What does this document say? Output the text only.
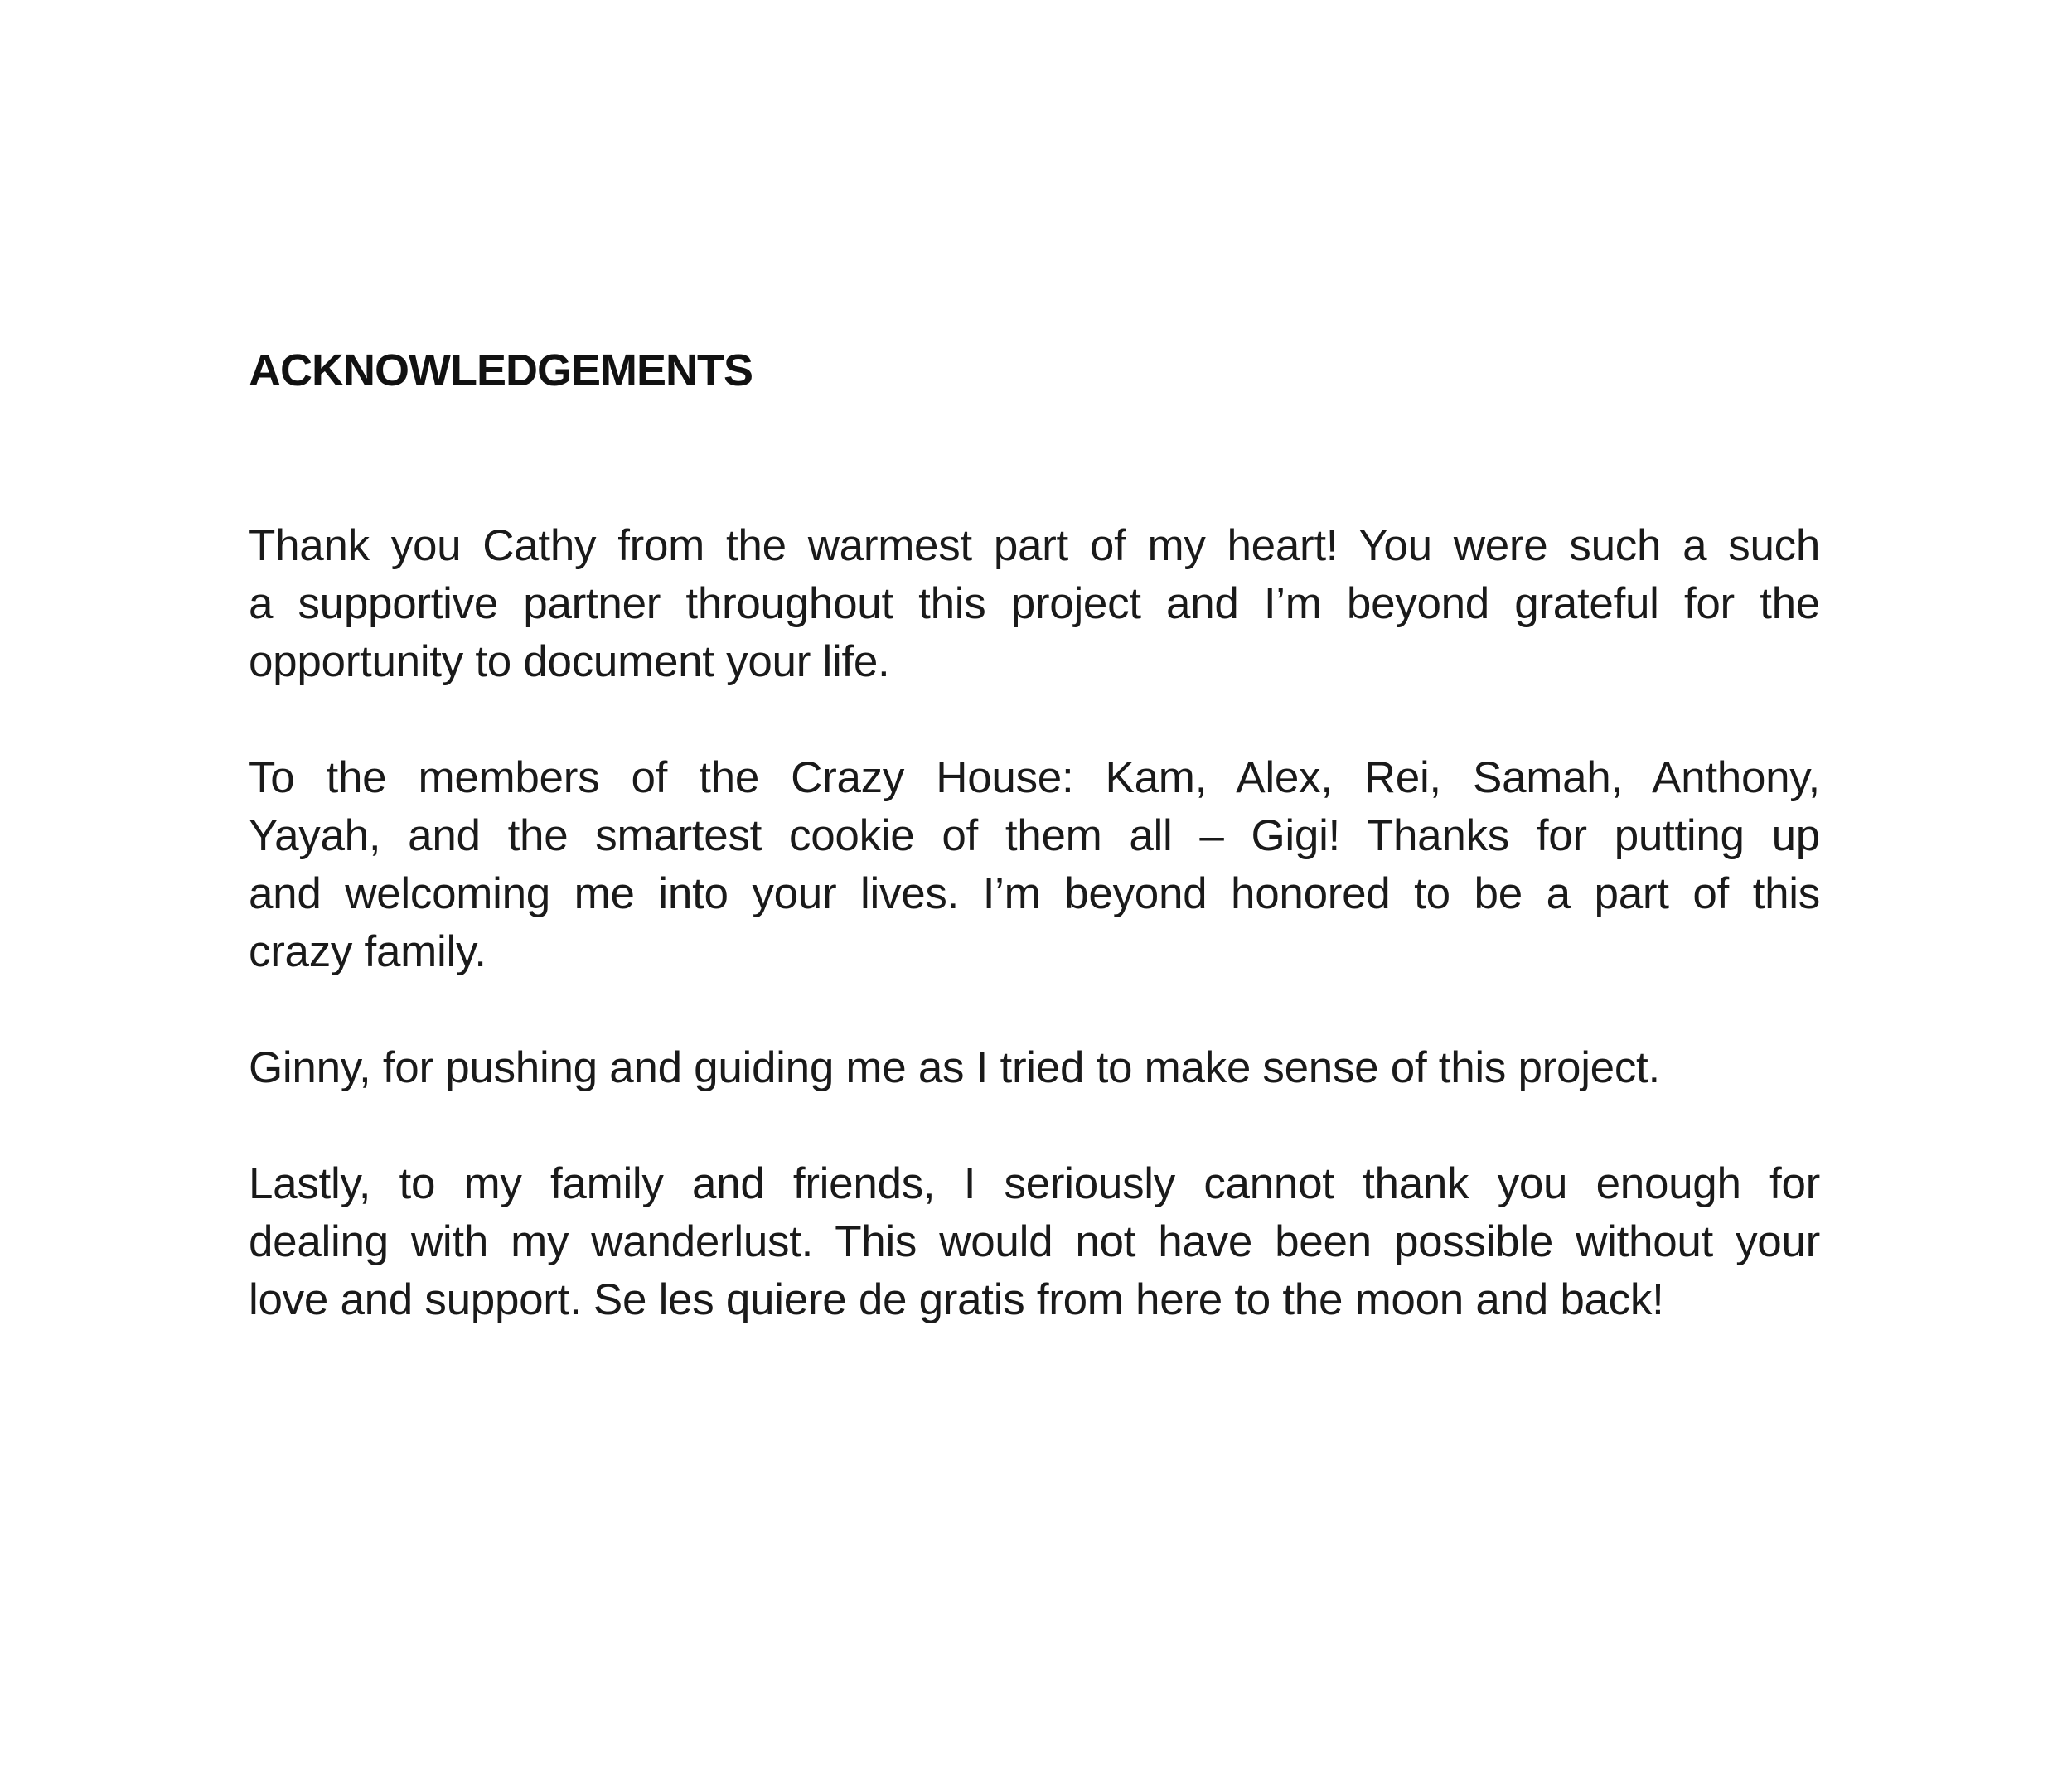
ACKNOWLEDGEMENTS
Thank you Cathy from the warmest part of my heart! You were such a such
a supportive partner throughout this project and I’m beyond grateful for the
opportunity to document your life.
To the members of the Crazy House: Kam, Alex, Rei, Samah, Anthony,
Yayah, and the smartest cookie of them all – Gigi! Thanks for putting up
and welcoming me into your lives. I’m beyond honored to be a part of this
crazy family.
Ginny, for pushing and guiding me as I tried to make sense of this project.
Lastly, to my family and friends, I seriously cannot thank you enough for
dealing with my wanderlust. This would not have been possible without your
love and support. Se les quiere de gratis from here to the moon and back!
